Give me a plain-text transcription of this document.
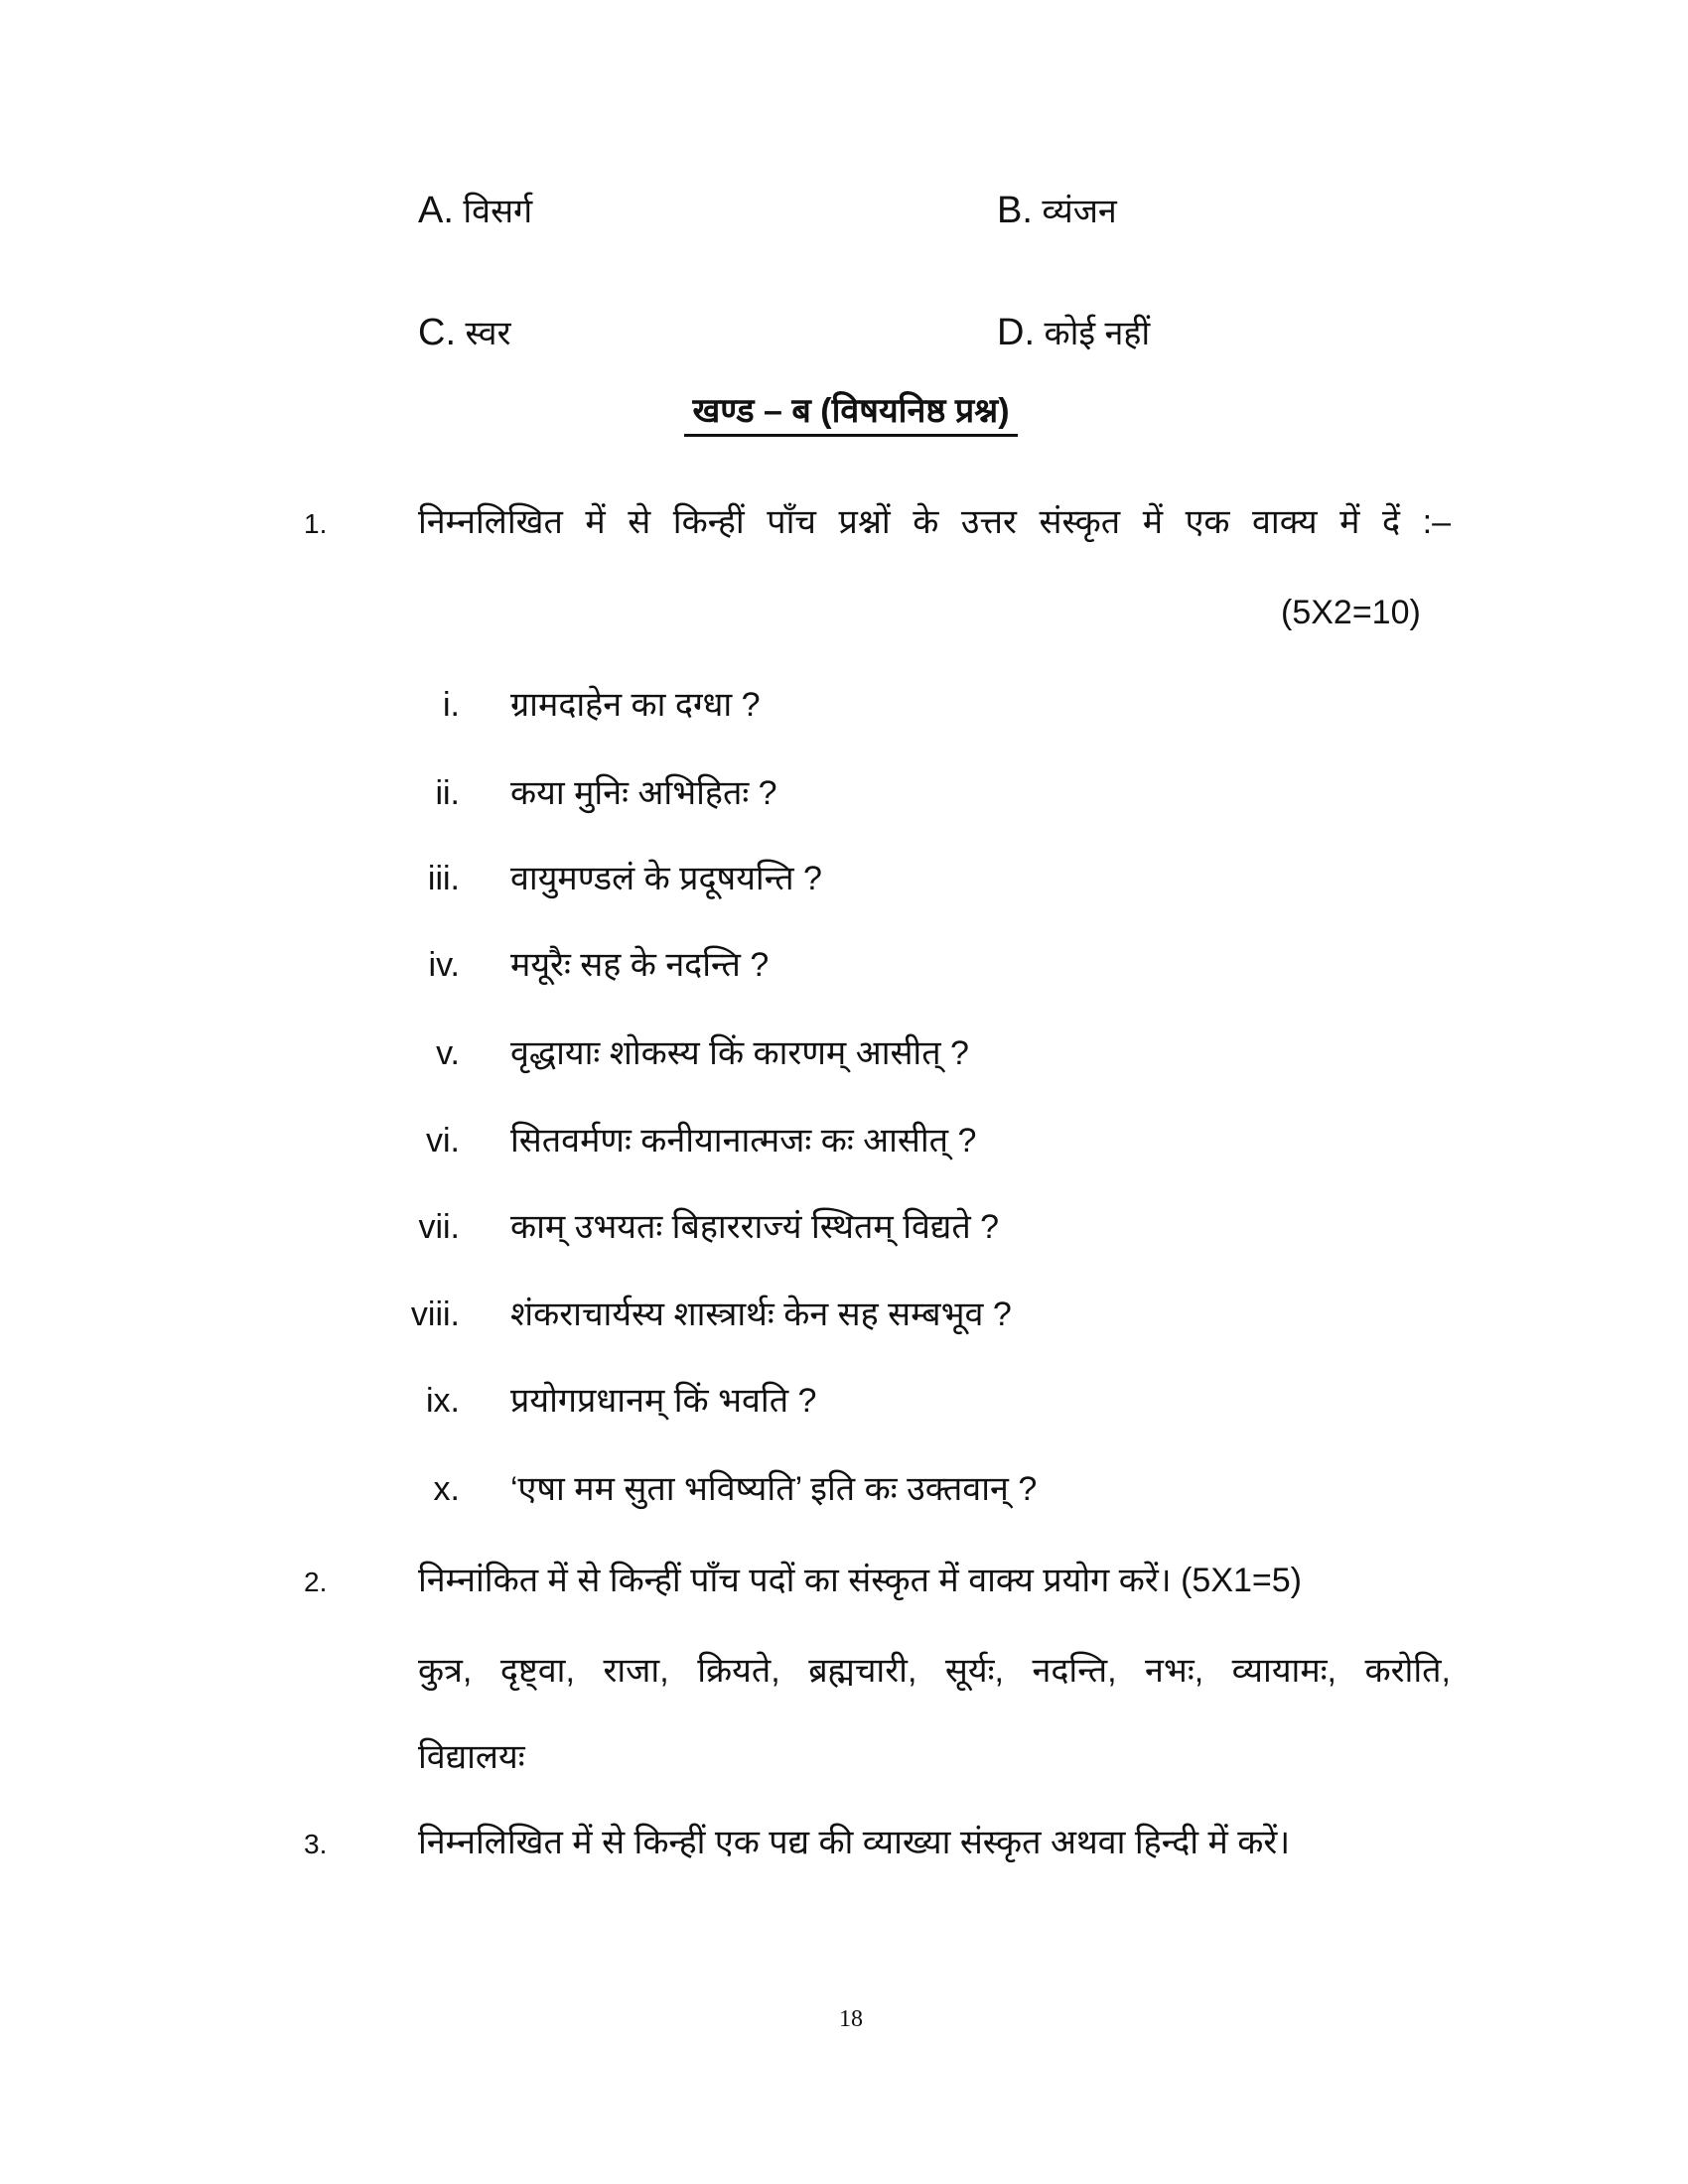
A. विसर्ग	B. व्यंजन
C. स्वर	D. कोई नहीं
खण्ड – ब (विषयनिष्ठ प्रश्न)
1.	निम्नलिखित में से किन्हीं पाँच प्रश्नों के उत्तर संस्कृत में एक वाक्य में दें :–
(5X2=10)
i. ग्रामदाहेन का दग्धा ?
ii. कया मुनिः अभिहितः ?
iii. वायुमण्डलं के प्रदूषयन्ति ?
iv. मयूरैः सह के नदन्ति ?
v. वृद्धायाः शोकस्य किं कारणम् आसीत् ?
vi. सितवर्मणः कनीयानात्मजः कः आसीत् ?
vii. काम् उभयतः बिहारराज्यं स्थितम् विद्यते ?
viii. शंकराचार्यस्य शास्त्रार्थः केन सह सम्बभूव ?
ix. प्रयोगप्रधानम् किं भवति ?
x. ‘एषा मम सुता भविष्यति’ इति कः उक्तवान् ?
2.	निम्नांकित में से किन्हीं पाँच पदों का संस्कृत में वाक्य प्रयोग करें। (5X1=5)
कुत्र, दृष्ट्वा, राजा, क्रियते, ब्रह्मचारी, सूर्यः, नदन्ति, नभः, व्यायामः, करोति,
विद्यालयः
3.	निम्नलिखित में से किन्हीं एक पद्य की व्याख्या संस्कृत अथवा हिन्दी में करें।
18
